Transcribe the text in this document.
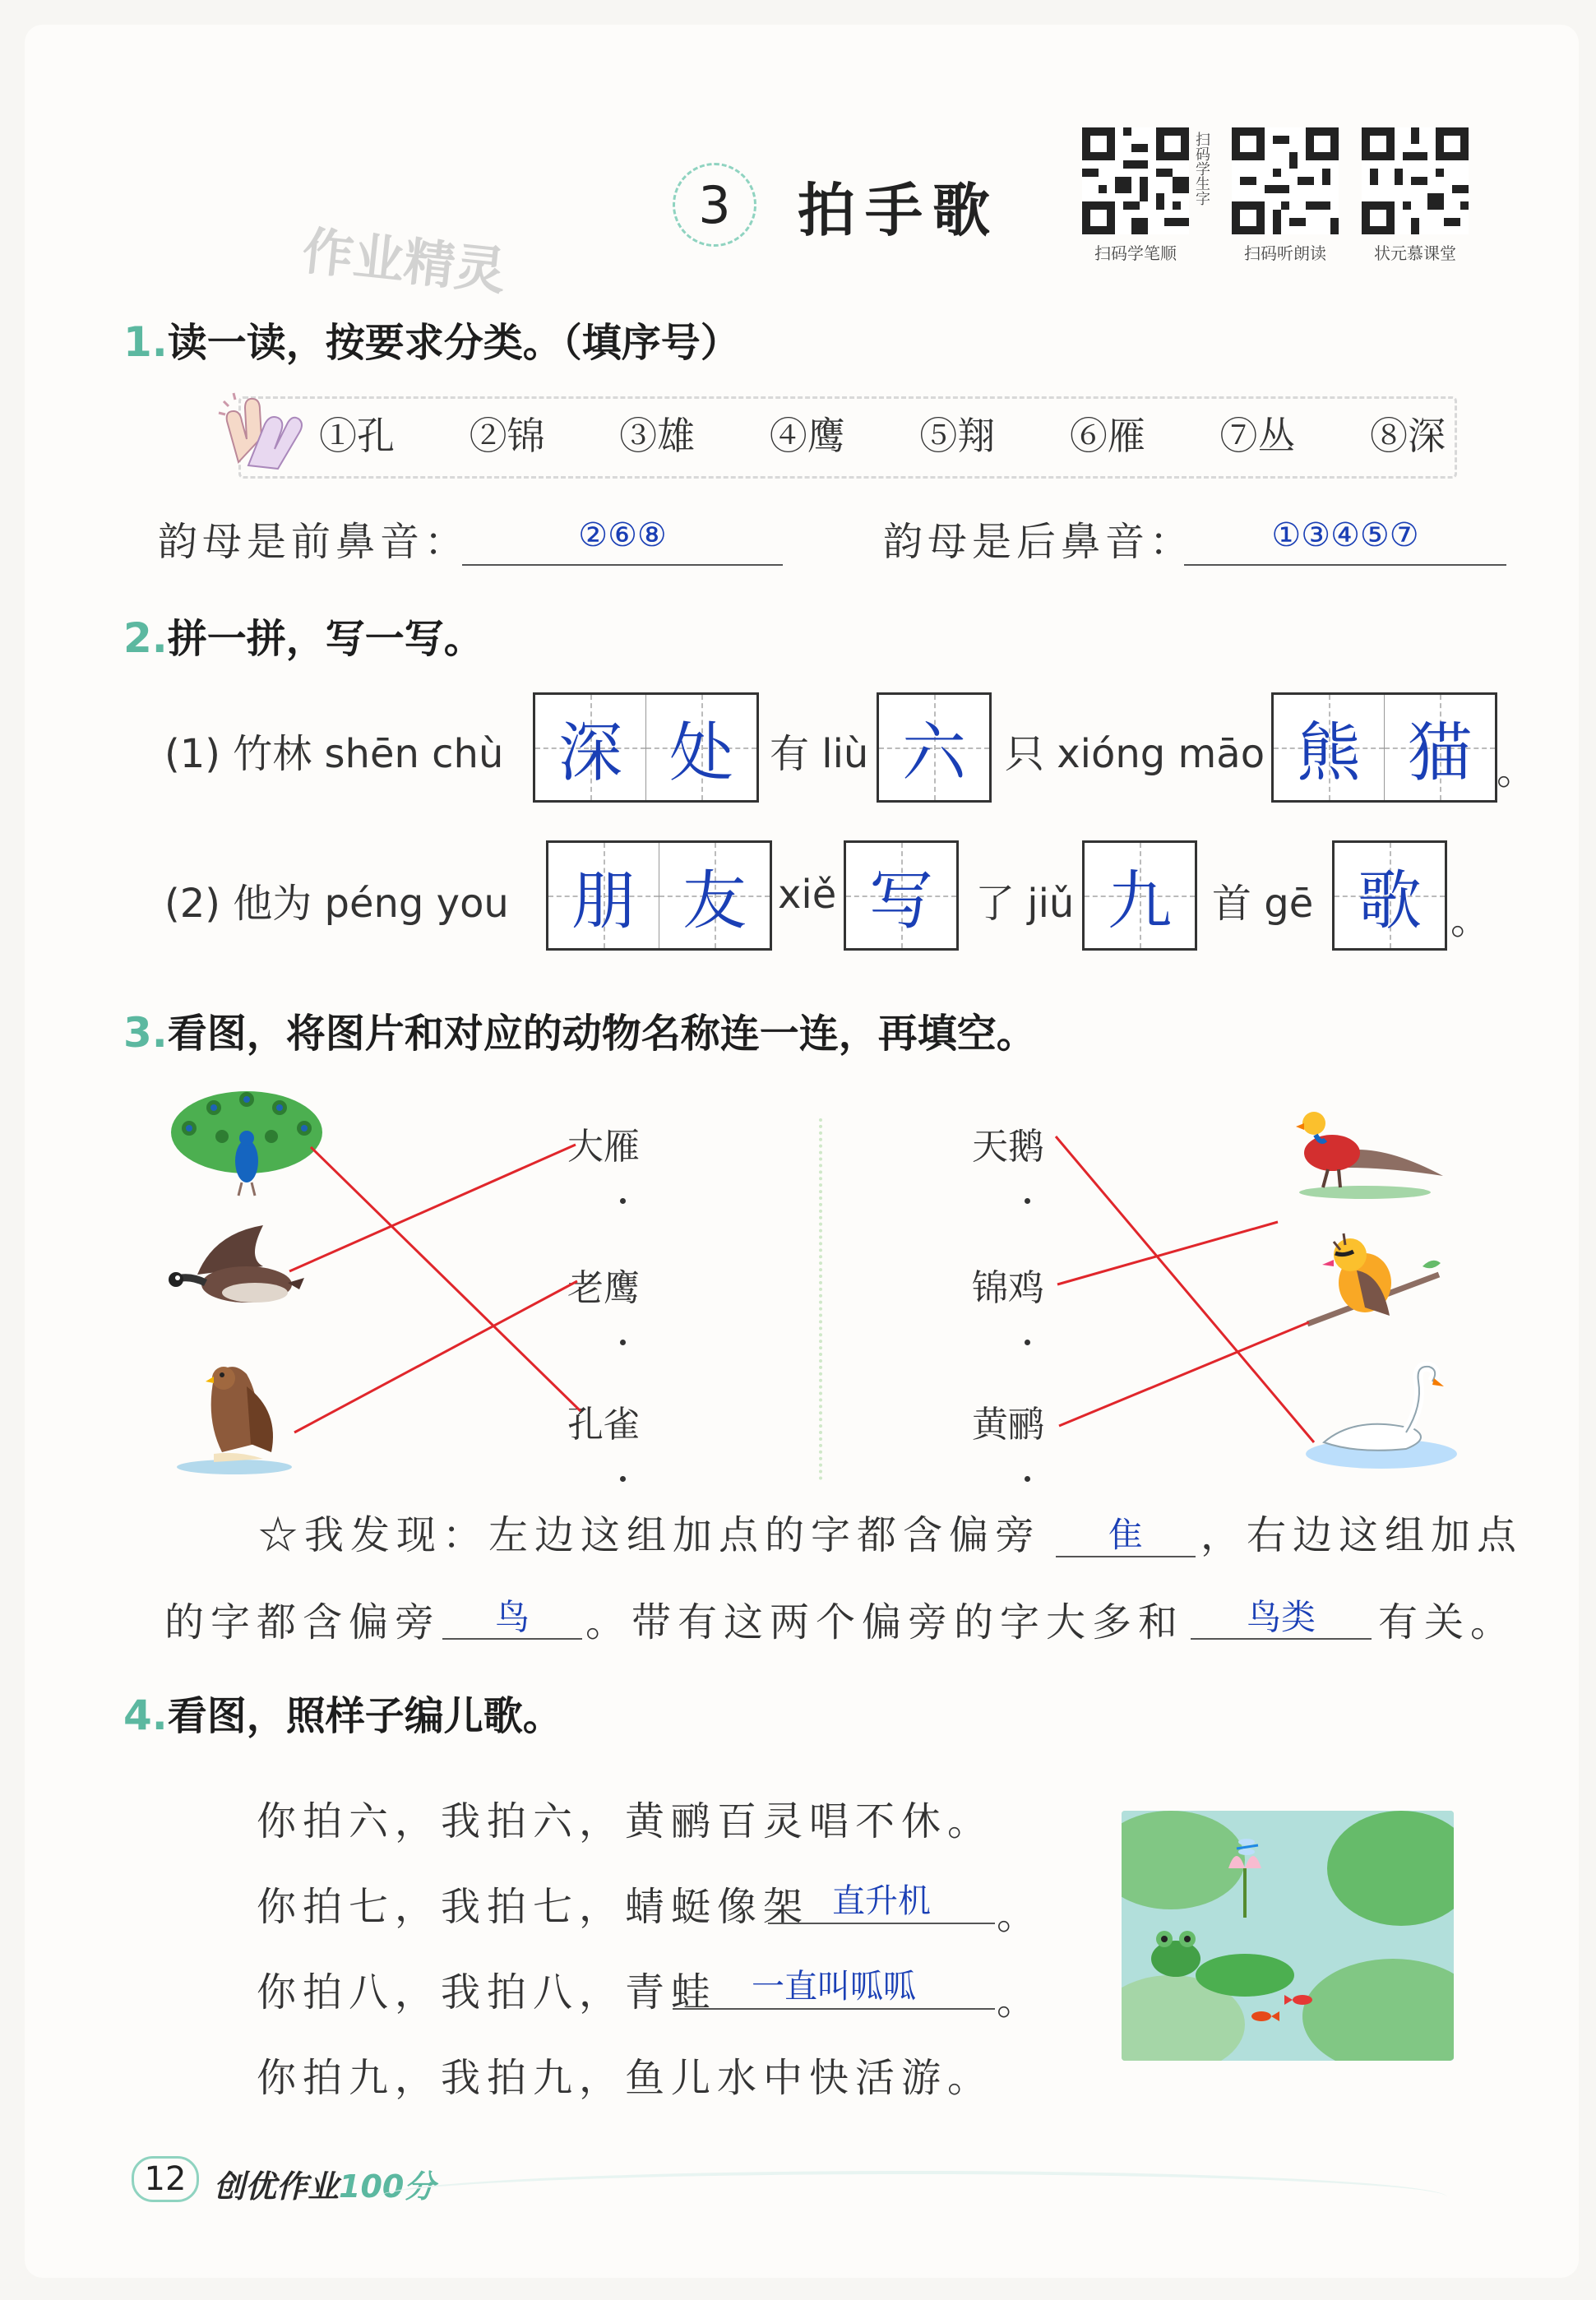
3 拍手歌
作业精灵
扫码学生字
扫码学笔顺	扫码听朗读	状元慕课堂
1.读一读，按要求分类。（填序号）
①孔 ②锦 ③雄 ④鹰 ⑤翔 ⑥雁 ⑦丛 ⑧深
韵母是前鼻音：	②⑥⑧	韵母是后鼻音：	①③④⑤⑦
2.拼一拼，写一写。
(1) 竹林 shēn chù 深 处 有 liù 六 只 xióng māo 熊 猫 。
(2) 他为 péng you 朋 友 xiě 写 了 jiǔ 九 首 gē 歌 。
3.看图，将图片和对应的动物名称连一连，再填空。
大雁
老鹰
孔雀
天鹅
锦鸡
黄鹂
☆我发现：左边这组加点的字都含偏旁	隹	，右边这组加点
的字都含偏旁	鸟	。带有这两个偏旁的字大多和	鸟类	有关。
4.看图，照样子编儿歌。
你拍六，我拍六，黄鹂百灵唱不休。
你拍七，我拍七，蜻蜓像架 直升机	。
你拍八，我拍八，青蛙	一直叫呱呱	。
你拍九，我拍九，鱼儿水中快活游。
12 创优作业100分
